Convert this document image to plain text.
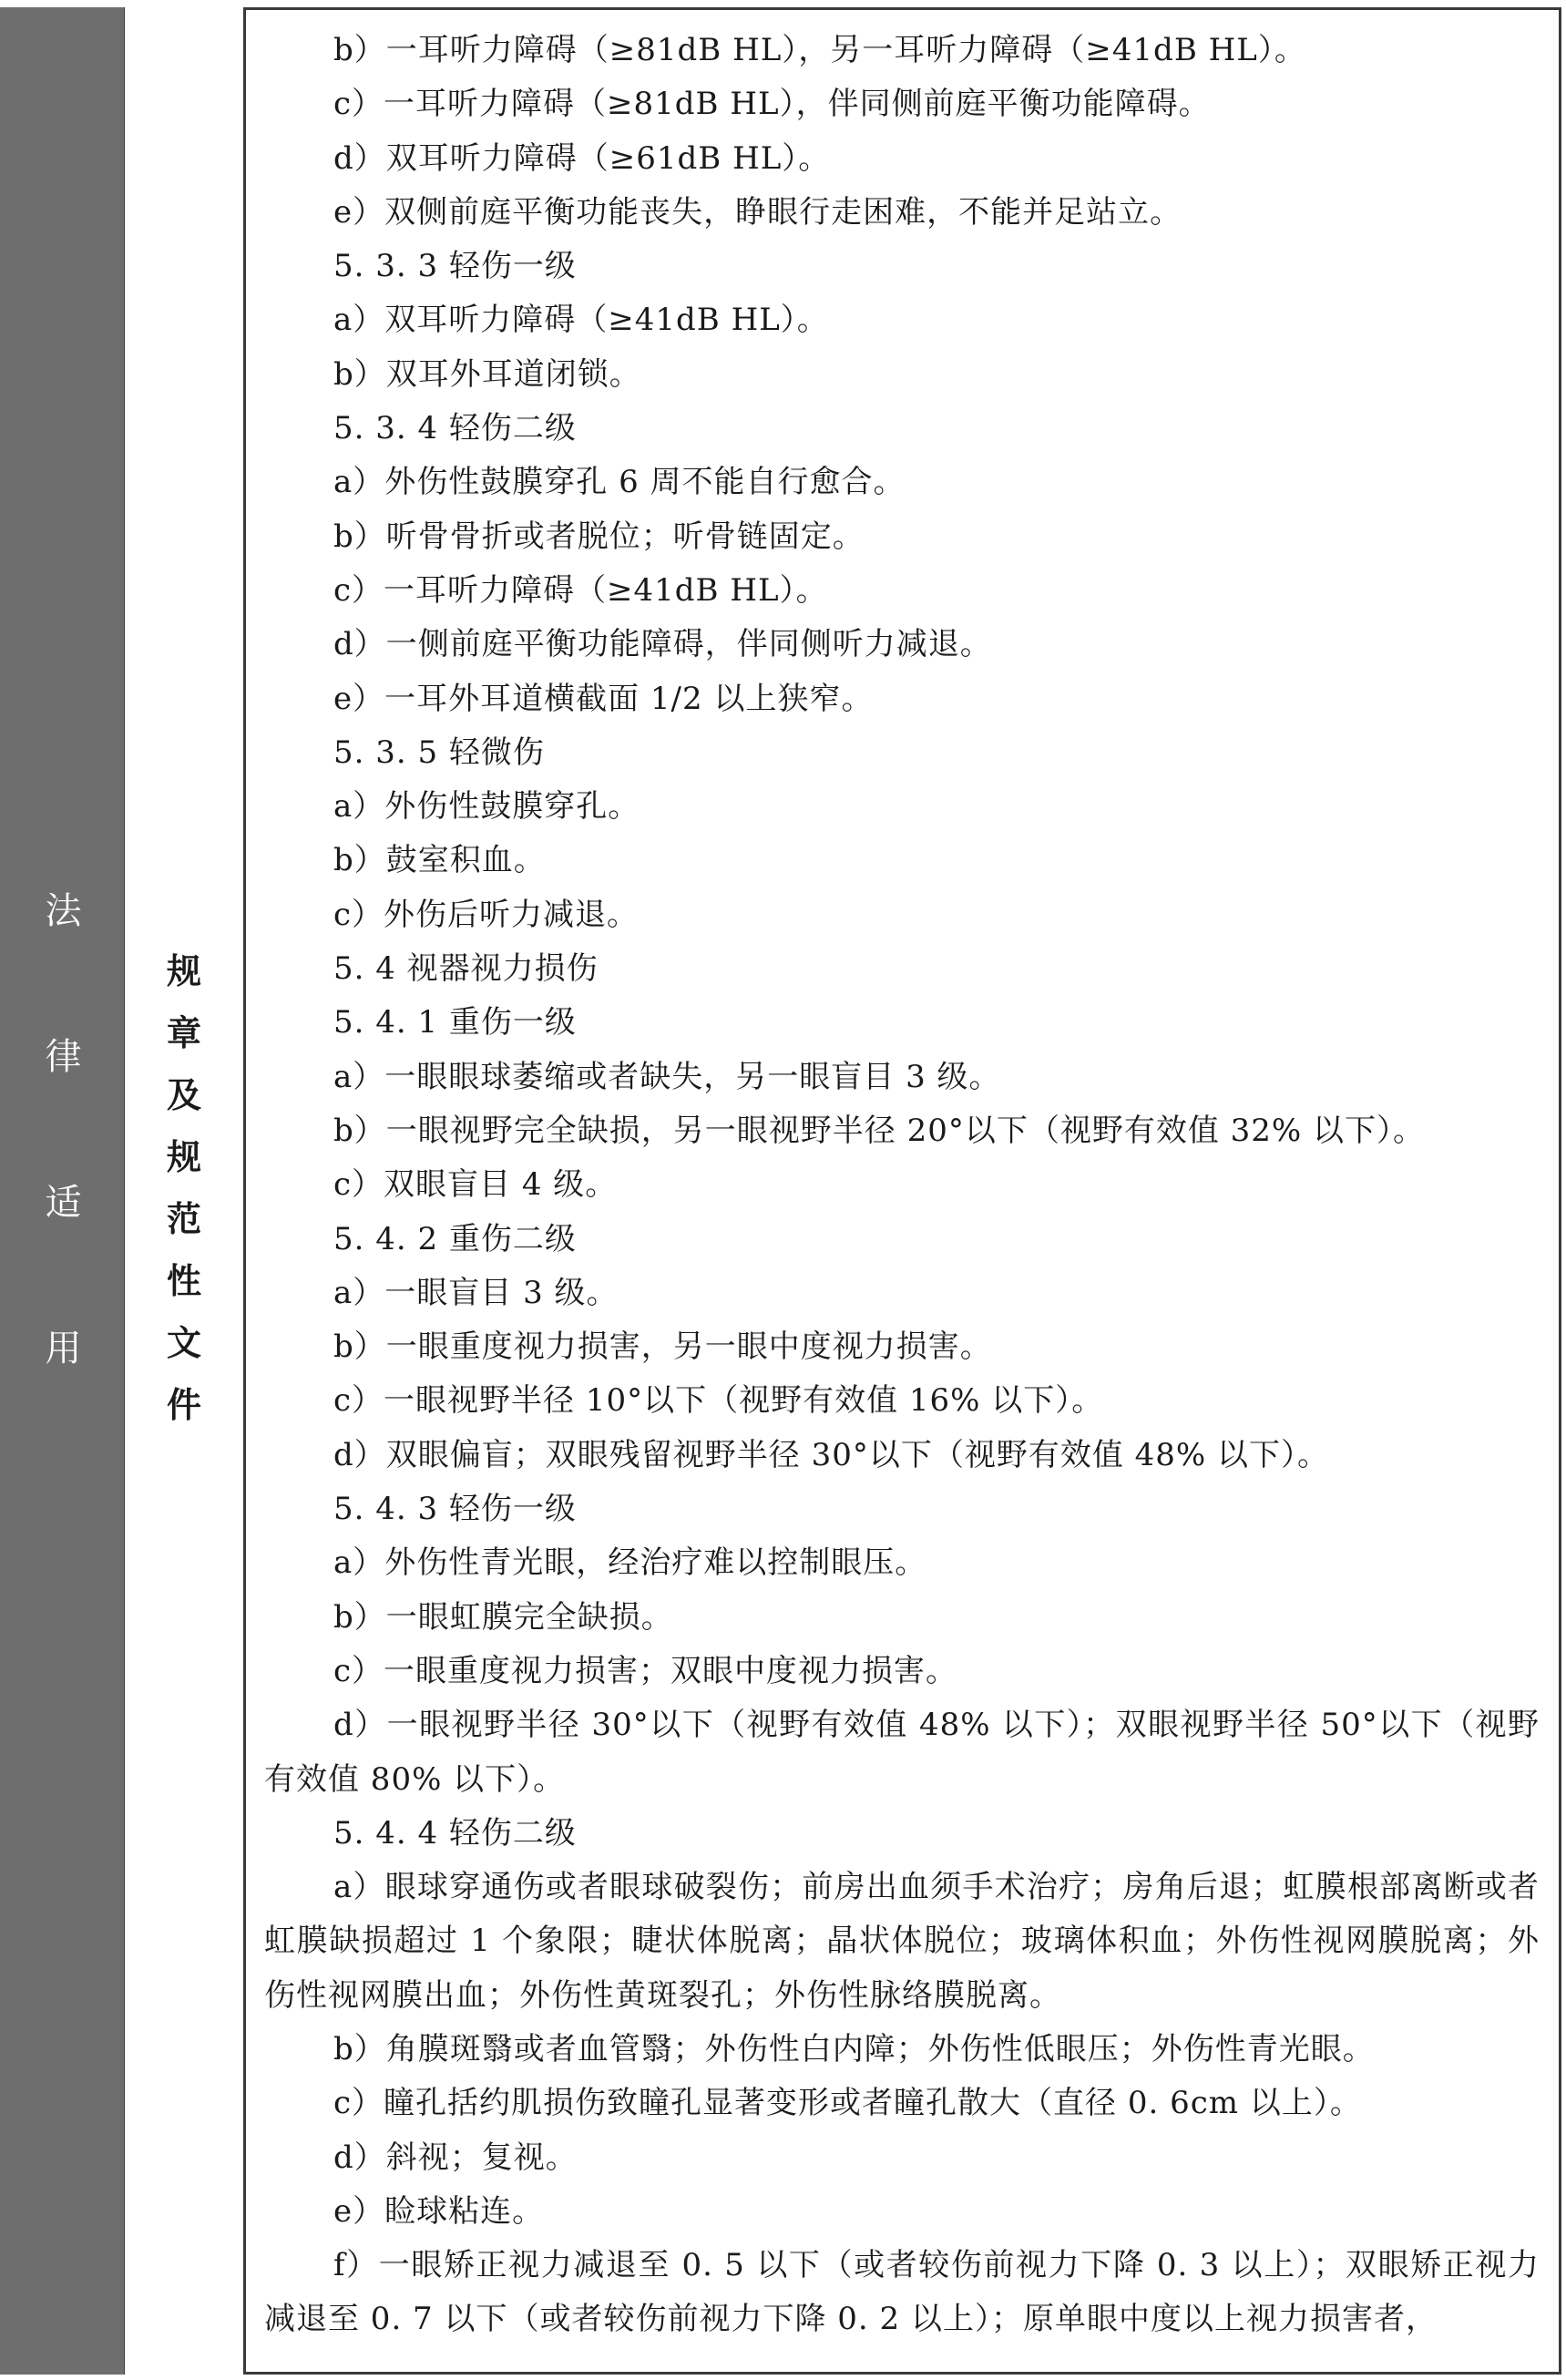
法
律
适
用
规
章
及
规
范
性
文
件
b）一耳听力障碍（≥81dB HL），另一耳听力障碍（≥41dB HL）。
c）一耳听力障碍（≥81dB HL），伴同侧前庭平衡功能障碍。
d）双耳听力障碍（≥61dB HL）。
e）双侧前庭平衡功能丧失，睁眼行走困难，不能并足站立。
5. 3. 3 轻伤一级
a）双耳听力障碍（≥41dB HL）。
b）双耳外耳道闭锁。
5. 3. 4 轻伤二级
a）外伤性鼓膜穿孔 6 周不能自行愈合。
b）听骨骨折或者脱位；听骨链固定。
c）一耳听力障碍（≥41dB HL）。
d）一侧前庭平衡功能障碍，伴同侧听力减退。
e）一耳外耳道横截面 1/2 以上狭窄。
5. 3. 5 轻微伤
a）外伤性鼓膜穿孔。
b）鼓室积血。
c）外伤后听力减退。
5. 4 视器视力损伤
5. 4. 1 重伤一级
a）一眼眼球萎缩或者缺失，另一眼盲目 3 级。
b）一眼视野完全缺损，另一眼视野半径 20°以下（视野有效值 32% 以下）。
c）双眼盲目 4 级。
5. 4. 2 重伤二级
a）一眼盲目 3 级。
b）一眼重度视力损害，另一眼中度视力损害。
c）一眼视野半径 10°以下（视野有效值 16% 以下）。
d）双眼偏盲；双眼残留视野半径 30°以下（视野有效值 48% 以下）。
5. 4. 3 轻伤一级
a）外伤性青光眼，经治疗难以控制眼压。
b）一眼虹膜完全缺损。
c）一眼重度视力损害；双眼中度视力损害。
d）一眼视野半径 30°以下（视野有效值 48% 以下）；双眼视野半径 50°以下（视野有效值 80% 以下）。
5. 4. 4 轻伤二级
a）眼球穿通伤或者眼球破裂伤；前房出血须手术治疗；房角后退；虹膜根部离断或者虹膜缺损超过 1 个象限；睫状体脱离；晶状体脱位；玻璃体积血；外伤性视网膜脱离；外伤性视网膜出血；外伤性黄斑裂孔；外伤性脉络膜脱离。
b）角膜斑翳或者血管翳；外伤性白内障；外伤性低眼压；外伤性青光眼。
c）瞳孔括约肌损伤致瞳孔显著变形或者瞳孔散大（直径 0. 6cm 以上）。
d）斜视；复视。
e）睑球粘连。
f）一眼矫正视力减退至 0. 5 以下（或者较伤前视力下降 0. 3 以上）；双眼矫正视力减退至 0. 7 以下（或者较伤前视力下降 0. 2 以上）；原单眼中度以上视力损害者，
